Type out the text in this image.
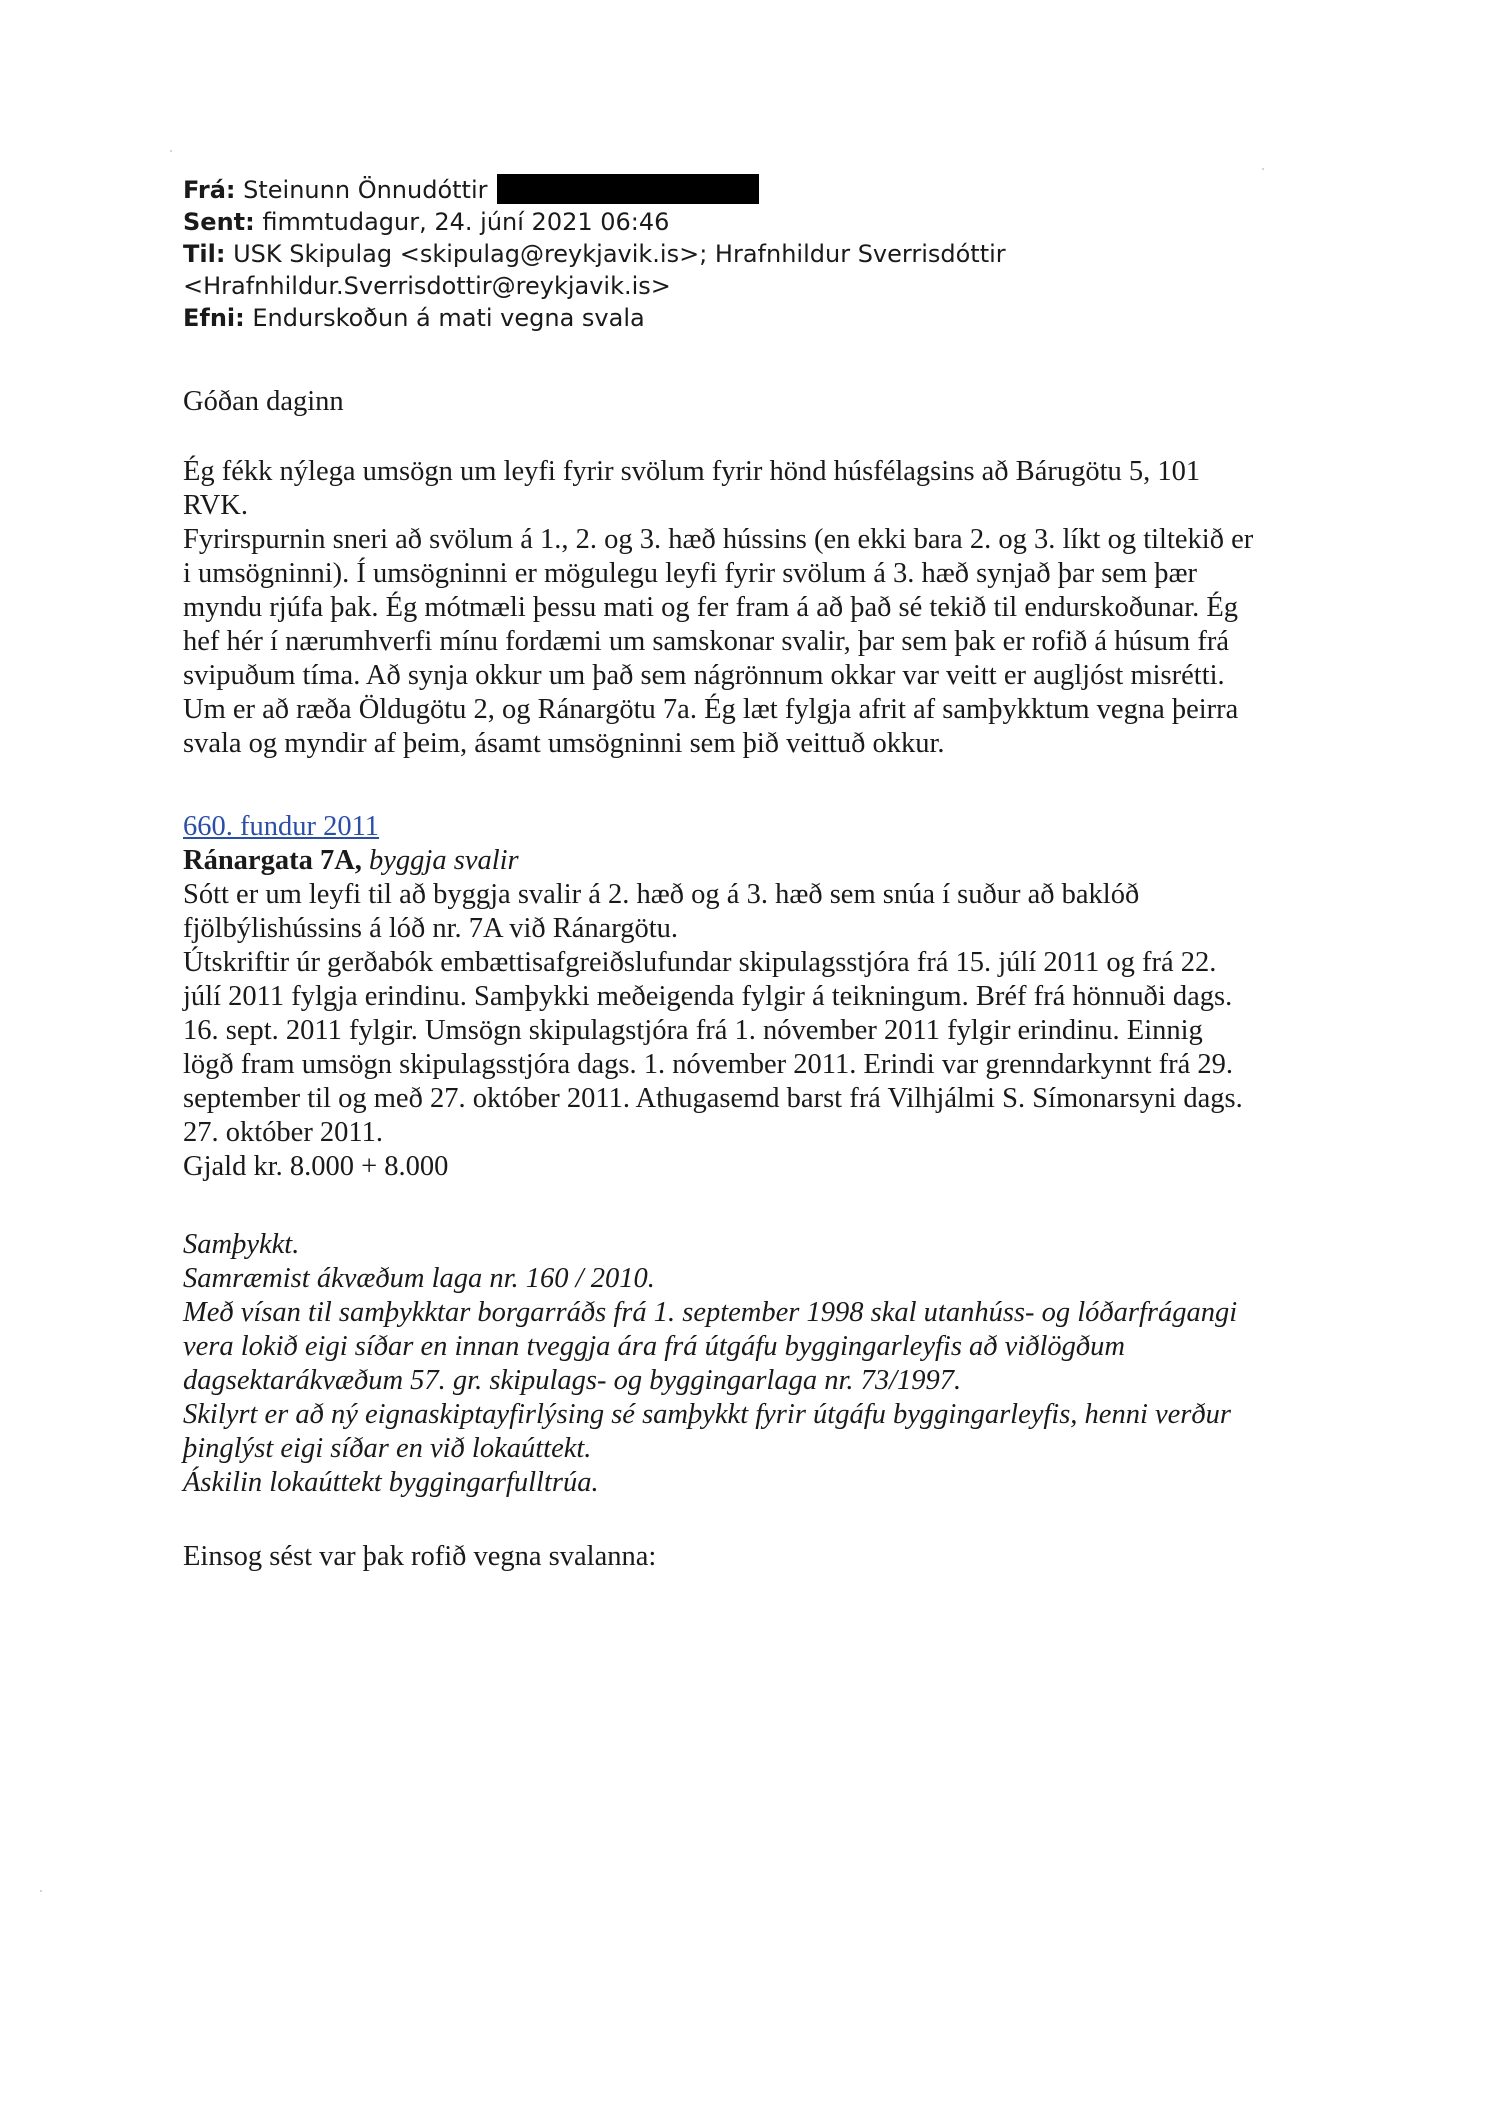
Frá: Steinunn Önnudóttir
Sent: fimmtudagur, 24. júní 2021 06:46
Til: USK Skipulag <skipulag@reykjavik.is>; Hrafnhildur Sverrisdóttir
<Hrafnhildur.Sverrisdottir@reykjavik.is>
Efni: Endurskoðun á mati vegna svala
Góðan daginn

Ég fékk nýlega umsögn um leyfi fyrir svölum fyrir hönd húsfélagsins að Bárugötu 5, 101

RVK.

Fyrirspurnin sneri að svölum á 1., 2. og 3. hæð hússins (en ekki bara 2. og 3. líkt og tiltekið er

i umsögninni). Í umsögninni er mögulegu leyfi fyrir svölum á 3. hæð synjað þar sem þær

myndu rjúfa þak. Ég mótmæli þessu mati og fer fram á að það sé tekið til endurskoðunar. Ég

hef hér í nærumhverfi mínu fordæmi um samskonar svalir, þar sem þak er rofið á húsum frá

svipuðum tíma. Að synja okkur um það sem nágrönnum okkar var veitt er augljóst misrétti.

Um er að ræða Öldugötu 2, og Ránargötu 7a. Ég læt fylgja afrit af samþykktum vegna þeirra

svala og myndir af þeim, ásamt umsögninni sem þið veittuð okkur.

660. fundur 2011

Ránargata 7A, byggja svalir

Sótt er um leyfi til að byggja svalir á 2. hæð og á 3. hæð sem snúa í suður að baklóð

fjölbýlishússins á lóð nr. 7A við Ránargötu.

Útskriftir úr gerðabók embættisafgreiðslufundar skipulagsstjóra frá 15. júlí 2011 og frá 22.

júlí 2011 fylgja erindinu. Samþykki meðeigenda fylgir á teikningum. Bréf frá hönnuði dags.

16. sept. 2011 fylgir. Umsögn skipulagstjóra frá 1. nóvember 2011 fylgir erindinu. Einnig

lögð fram umsögn skipulagsstjóra dags. 1. nóvember 2011. Erindi var grenndarkynnt frá 29.

september til og með 27. október 2011. Athugasemd barst frá Vilhjálmi S. Símonarsyni dags.

27. október 2011.

Gjald kr. 8.000 + 8.000

Samþykkt.

Samræmist ákvæðum laga nr. 160 / 2010.

Með vísan til samþykktar borgarráðs frá 1. september 1998 skal utanhúss- og lóðarfrágangi

vera lokið eigi síðar en innan tveggja ára frá útgáfu byggingarleyfis að viðlögðum

dagsektarákvæðum 57. gr. skipulags- og byggingarlaga nr. 73/1997.

Skilyrt er að ný eignaskiptayfirlýsing sé samþykkt fyrir útgáfu byggingarleyfis, henni verður

þinglýst eigi síðar en við lokaúttekt.

Áskilin lokaúttekt byggingarfulltrúa.

Einsog sést var þak rofið vegna svalanna:
